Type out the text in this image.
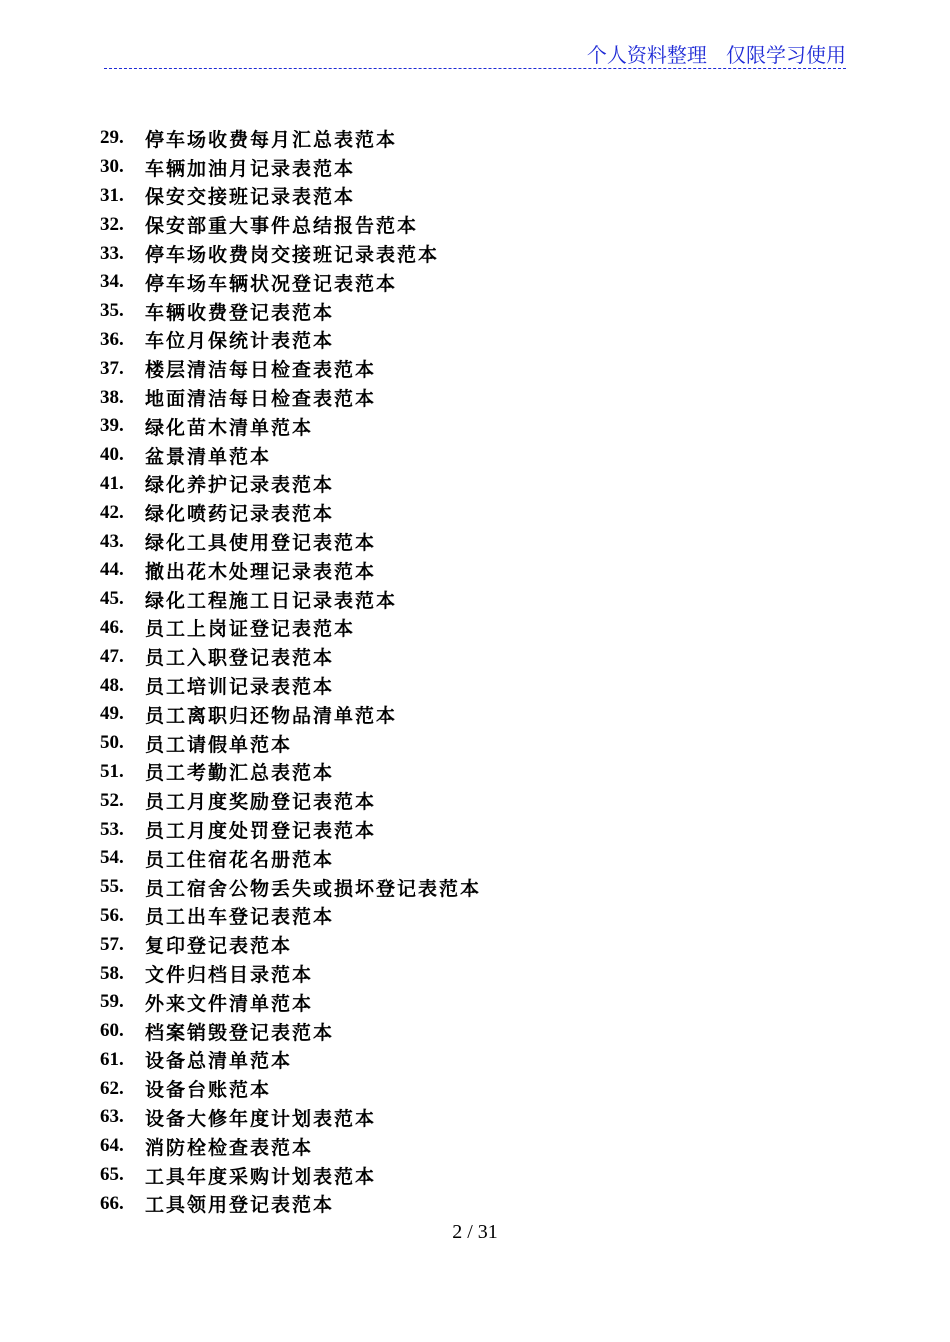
个人资料整理   仅限学习使用
29.	停车场收费每月汇总表范本
30.	车辆加油月记录表范本
31.	保安交接班记录表范本
32.	保安部重大事件总结报告范本
33.	停车场收费岗交接班记录表范本
34.	停车场车辆状况登记表范本
35.	车辆收费登记表范本
36.	车位月保统计表范本
37.	楼层清洁每日检查表范本
38.	地面清洁每日检查表范本
39.	绿化苗木清单范本
40.	盆景清单范本
41.	绿化养护记录表范本
42.	绿化喷药记录表范本
43.	绿化工具使用登记表范本
44.	撤出花木处理记录表范本
45.	绿化工程施工日记录表范本
46.	员工上岗证登记表范本
47.	员工入职登记表范本
48.	员工培训记录表范本
49.	员工离职归还物品清单范本
50.	员工请假单范本
51.	员工考勤汇总表范本
52.	员工月度奖励登记表范本
53.	员工月度处罚登记表范本
54.	员工住宿花名册范本
55.	员工宿舍公物丢失或损坏登记表范本
56.	员工出车登记表范本
57.	复印登记表范本
58.	文件归档目录范本
59.	外来文件清单范本
60.	档案销毁登记表范本
61.	设备总清单范本
62.	设备台账范本
63.	设备大修年度计划表范本
64.	消防栓检查表范本
65.	工具年度采购计划表范本
66.	工具领用登记表范本
2 / 31
